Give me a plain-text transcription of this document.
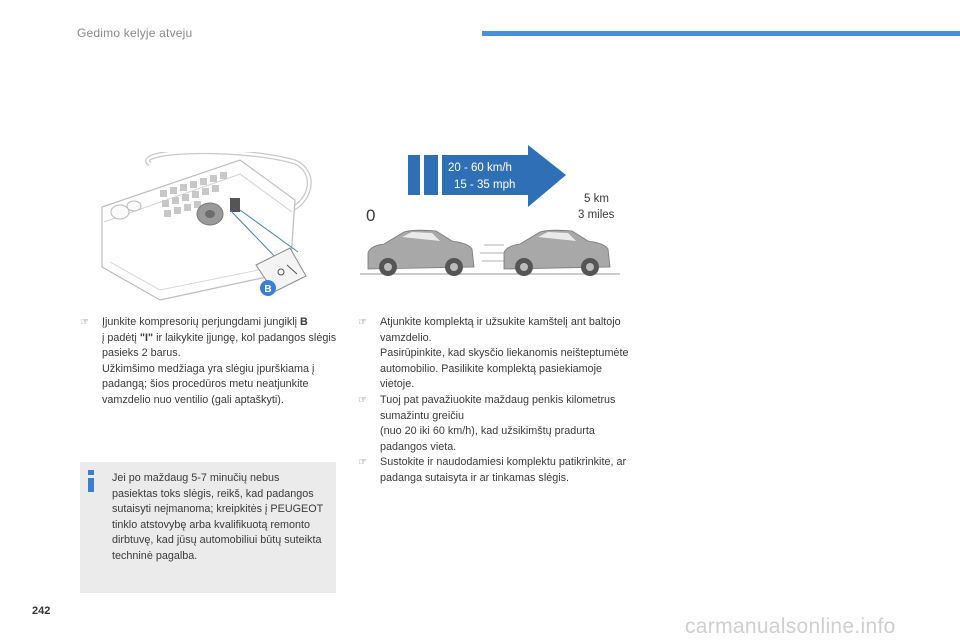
Gedimo kelyje atveju
B
20 - 60 km/h
15 - 35 mph
0
5 km
3 miles
☞ Įjunkite kompresorių perjungdami jungiklį B
į padėtį "I" ir laikykite įjungę, kol padangos slėgis pasieks 2 barus.

Užkimšimo medžiaga yra slėgiu įpurškiama į padangą; šios procedūros metu neatjunkite vamzdelio nuo ventilio (gali aptaškyti).

Jei po maždaug 5-7 minučių nebus pasiektas toks slėgis, reikš, kad padangos sutaisyti neįmanoma; kreipkitės į PEUGEOT tinklo atstovybę arba kvalifikuotą remonto dirbtuvę, kad jūsų automobiliui būtų suteikta techninė pagalba.
☞ Atjunkite komplektą ir užsukite kamštelį ant baltojo vamzdelio.

Pasirūpinkite, kad skysčio liekanomis neišteptumėte automobilio. Pasilikite komplektą pasiekiamoje vietoje.

☞ Tuoj pat pavažiuokite maždaug penkis kilometrus sumažintu greičiu

(nuo 20 iki 60 km/h), kad užsikimštų pradurta padangos vieta.

☞ Sustokite ir naudodamiesi komplektu patikrinkite, ar padanga sutaisyta ir ar tinkamas slėgis.

242
carmanualsonline.info
